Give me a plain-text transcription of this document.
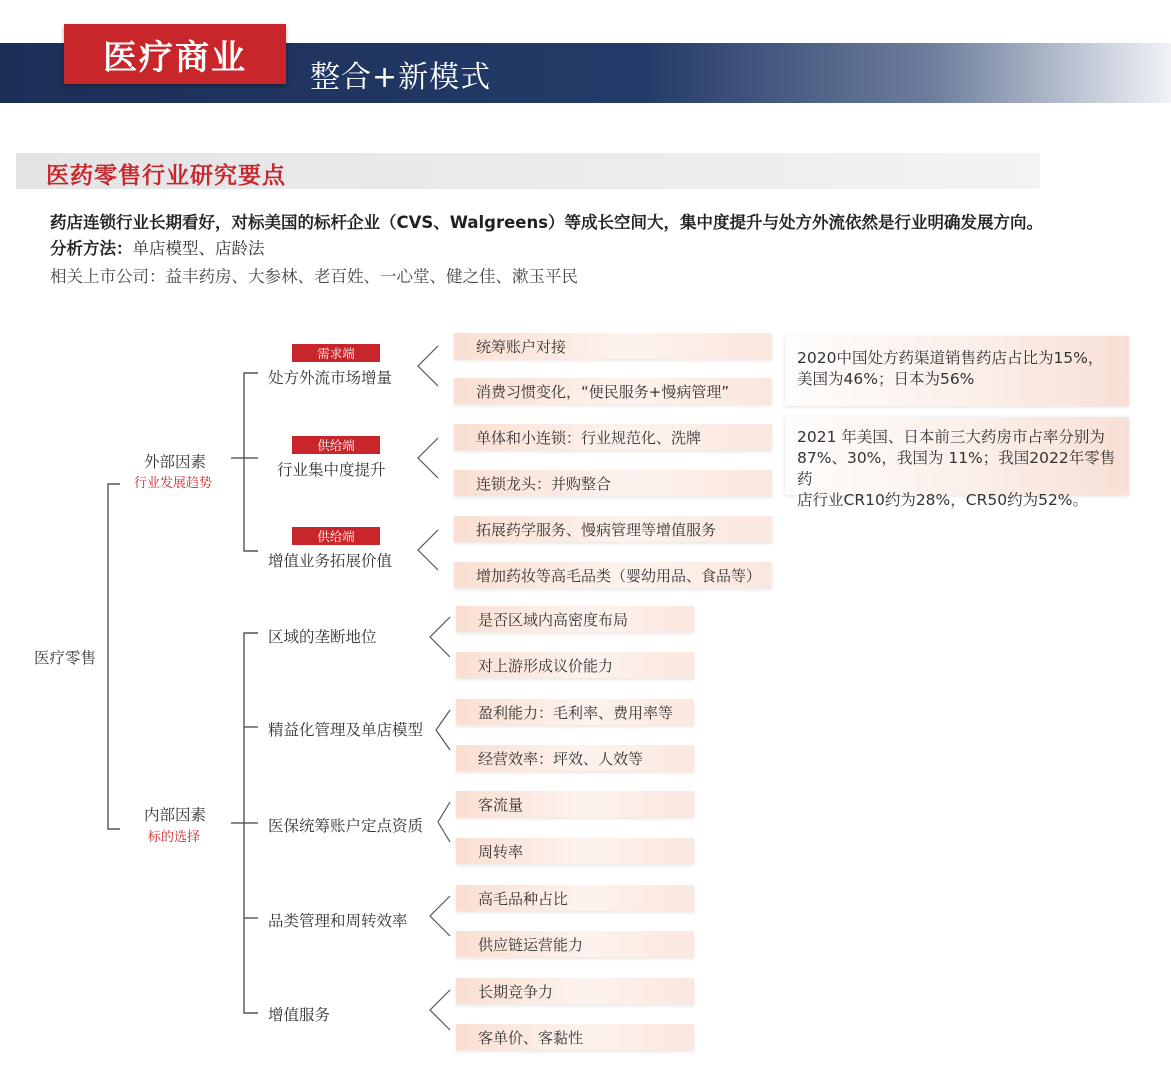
医疗商业	整合+新模式
医药零售行业研究要点
药店连锁行业长期看好，对标美国的标杆企业（CVS、Walgreens）等成长空间大，集中度提升与处方外流依然是行业明确发展方向。
分析方法：单店模型、店龄法
相关上市公司：益丰药房、大参林、老百姓、一心堂、健之佳、漱玉平民
医疗零售
外部因素
行业发展趋势
需求端
处方外流市场增量
供给端
行业集中度提升
供给端
增值业务拓展价值
统筹账户对接
消费习惯变化，“便民服务+慢病管理”
单体和小连锁：行业规范化、洗牌
连锁龙头：并购整合
拓展药学服务、慢病管理等增值服务
增加药妆等高毛品类（婴幼用品、食品等）
2020中国处方药渠道销售药店占比为15%，
美国为46%；日本为56%
2021 年美国、日本前三大药房市占率分别为
87%、30%，我国为 11%；我国2022年零售药
店行业CR10约为28%，CR50约为52%。
内部因素
标的选择
区域的垄断地位
精益化管理及单店模型
医保统筹账户定点资质
品类管理和周转效率
增值服务
是否区域内高密度布局
对上游形成议价能力
盈利能力：毛利率、费用率等
经营效率：坪效、人效等
客流量
周转率
高毛品种占比
供应链运营能力
长期竞争力
客单价、客黏性
